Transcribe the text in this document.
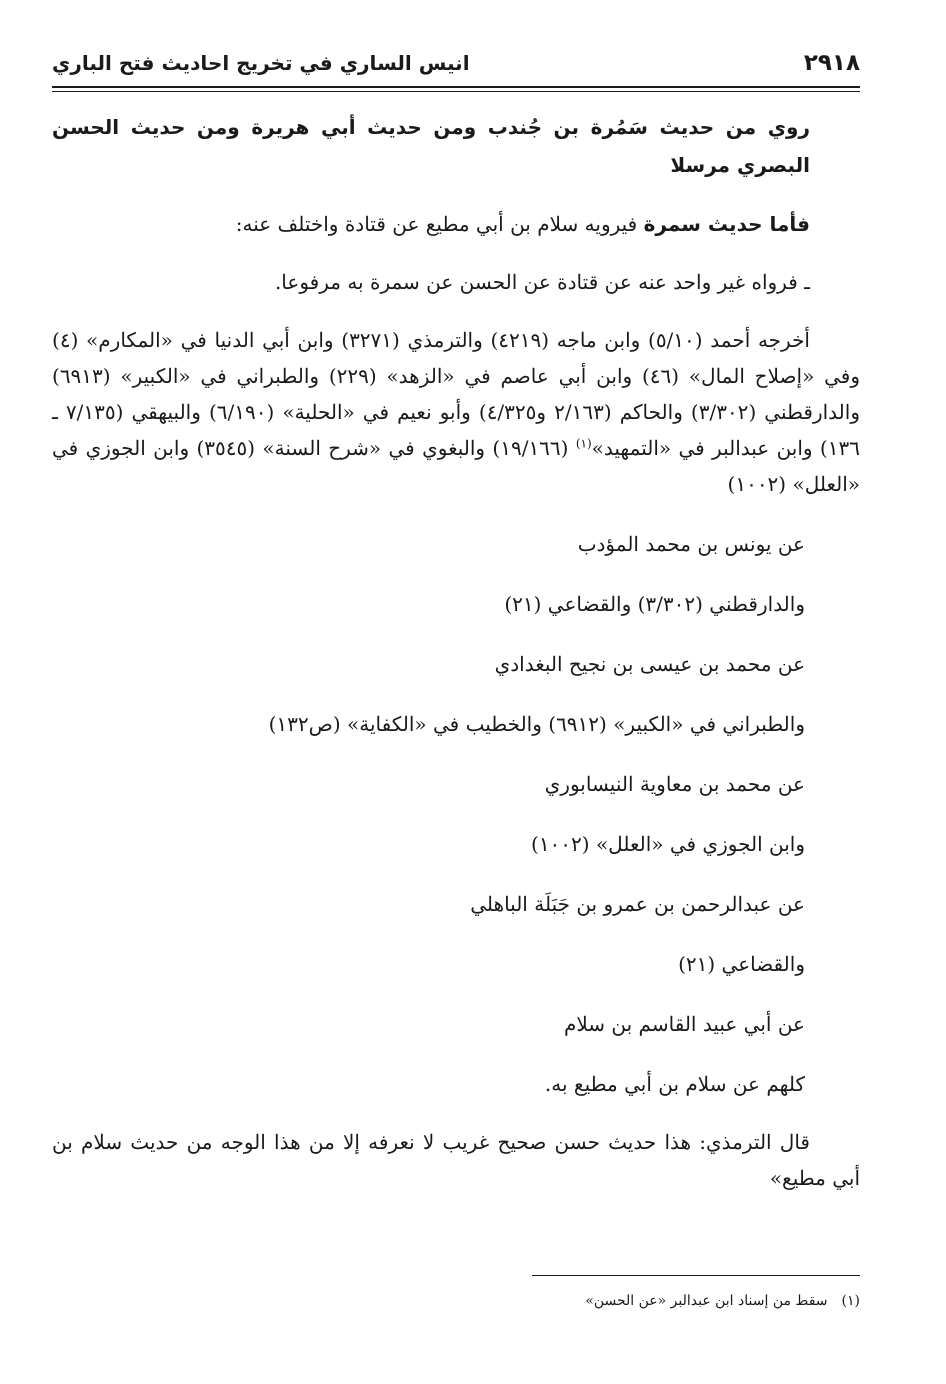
انيس الساري في تخريج احاديث فتح الباري	٢٩١٨

روي من حديث سَمُرة بن جُندب ومن حديث أبي هريرة ومن حديث الحسن البصري مرسلا

فأما حديث سمرة فيرويه سلام بن أبي مطيع عن قتادة واختلف عنه:

ـ فرواه غير واحد عنه عن قتادة عن الحسن عن سمرة به مرفوعا.

أخرجه أحمد (٥/١٠) وابن ماجه (٤٢١٩) والترمذي (٣٢٧١) وابن أبي الدنيا في «المكارم» (٤) وفي «إصلاح المال» (٤٦) وابن أبي عاصم في «الزهد» (٢٢٩) والطبراني في «الكبير» (٦٩١٣) والدارقطني (٣/٣٠٢) والحاكم (٢/١٦٣ و٤/٣٢٥) وأبو نعيم في «الحلية» (٦/١٩٠) والبيهقي (٧/١٣٥ ـ ١٣٦) وابن عبدالبر في «التمهيد»$^{(١)}$ (١٩/١٦٦) والبغوي في «شرح السنة» (٣٥٤٥) وابن الجوزي في «العلل» (١٠٠٢)

عن يونس بن محمد المؤدب

والدارقطني (٣/٣٠٢) والقضاعي (٢١)

عن محمد بن عيسى بن نجيح البغدادي

والطبراني في «الكبير» (٦٩١٢) والخطيب في «الكفاية» (ص١٣٢)

عن محمد بن معاوية النيسابوري

وابن الجوزي في «العلل» (١٠٠٢)

عن عبدالرحمن بن عمرو بن جَبَلَة الباهلي

والقضاعي (٢١)

عن أبي عبيد القاسم بن سلام

كلهم عن سلام بن أبي مطيع به.

قال الترمذي: هذا حديث حسن صحيح غريب لا نعرفه إلا من هذا الوجه من حديث سلام بن أبي مطيع»

(١)سقط من إسناد ابن عبدالبر «عن الحسن»
